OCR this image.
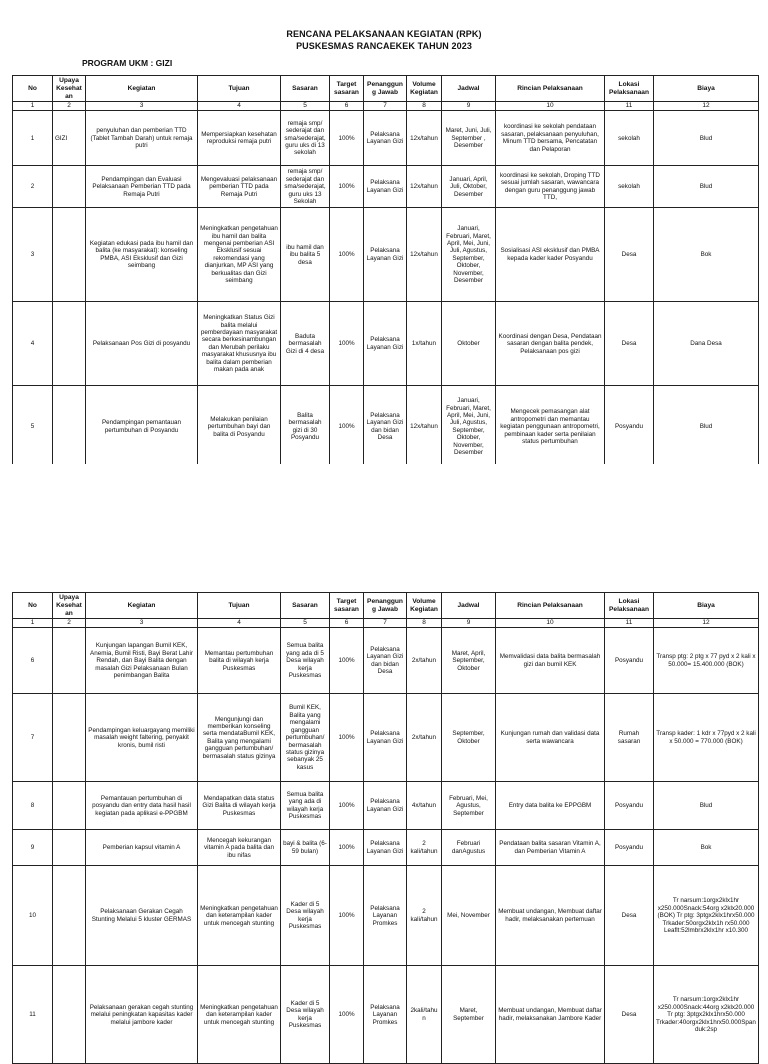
RENCANA PELAKSANAAN KEGIATAN (RPK)
PUSKESMAS RANCAEKEK TAHUN 2023
PROGRAM UKM : GIZI
No	Upaya Kesehatan	Kegiatan	Tujuan	Sasaran	Target sasaran	Penanggung Jawab	Volume Kegiatan	Jadwal	Rincian Pelaksanaan	Lokasi Pelaksanaan	Biaya
1	2	3	4	5	6	7	8	9	10	11	12
1	GIZI	penyuluhan dan pemberian TTD (Tablet Tambah Darah) untuk remaja putri	Mempersiapkan kesehatan reproduksi remaja putri	remaja smp/ sederajat dan sma/sederajat, guru uks di 13 sekolah	100%	Pelaksana Layanan Gizi	12x/tahun	Maret, Juni, Juli, September , Desember	koordinasi ke sekolah pendataan sasaran, pelaksanaan penyuluhan, Minum TTD bersama, Pencatatan dan Pelaporan	sekolah	Blud
2		Pendampingan dan Evaluasi Pelaksanaan Pemberian TTD pada Remaja Putri	Mengevaluasi pelaksanaan pemberian TTD pada Remaja Putri	remaja smp/ sederajat dan sma/sederajat, guru uks 13 Sekolah	100%	Pelaksana Layanan Gizi	12x/tahun	Januari, April, Juli, Oktober, Desember	koordinasi ke sekolah, Droping TTD sesuai jumlah sasaran, wawancara dengan guru penanggung jawab TTD,	sekolah	Blud
3		Kegiatan edukasi pada ibu hamil dan balita (ke masyarakat): konseling PMBA, ASI Eksklusif dan Gizi seimbang	Meningkatkan pengetahuan ibu hamil dan balita mengenai pemberian ASI Eksklusif sesuai rekomendasi yang dianjurkan, MP ASI yang berkualitas dan Gizi seimbang	ibu hamil dan ibu balita 5 desa	100%	Pelaksana Layanan Gizi	12x/tahun	Januari, Februari, Maret, April, Mei, Juni, Juli, Agustus, September, Oktober, November, Desember	Sosialisasi ASI eksklusif dan PMBA kepada kader kader Posyandu	Desa	Bok
4		Pelaksanaan Pos Gizi di posyandu	Meningkatkan Status Gizi balita melalui pemberdayaan masyarakat secara berkesinambungan dan Merubah perilaku masyarakat khususnya ibu balita dalam pemberian makan pada anak	Baduta bermasalah Gizi di 4 desa	100%	Pelaksana Layanan Gizi	1x/tahun	Oktober	Koordinasi dengan Desa, Pendataan sasaran dengan balita pendek, Pelaksanaan pos gizi	Desa	Dana Desa
5		Pendampingan pemantauan pertumbuhan di Posyandu	Melakukan penilaian pertumbuhan bayi dan balita di Posyandu	Balita bermasalah gizi di 30 Posyandu	100%	Pelaksana Layanan Gizi dan bidan Desa	12x/tahun	Januari, Februari, Maret, April, Mei, Juni, Juli, Agustus, September, Oktober, November, Desember	Mengecek pemasangan alat antropometri dan memantau kegiatan penggunaan antropometri, pembinaan kader serta penilaian status pertumbuhan	Posyandu	Blud
No	Upaya Kesehatan	Kegiatan	Tujuan	Sasaran	Target sasaran	Penanggung Jawab	Volume Kegiatan	Jadwal	Rincian Pelaksanaan	Lokasi Pelaksanaan	Biaya
1	2	3	4	5	6	7	8	9	10	11	12
6		Kunjungan lapangan Bumil KEK, Anemia, Bumil Risti, Bayi Berat Lahir Rendah, dan Bayi Balita dengan masalah Gizi Pelaksanaan Bulan penimbangan Balita	Memantau pertumbuhan balita di wilayah kerja Puskesmas	Semua balita yang ada di 5 Desa wilayah kerja Puskesmas	100%	Pelaksana Layanan Gizi dan bidan Desa	2x/tahun	Maret, April, September, Oktober	Memvalidasi data balita bermasalah gizi dan bumil KEK	Posyandu	Transp ptg: 2 ptg x 77 pyd x 2 kali x 50.000= 15.400.000 (BOK)
7		Pendampingan keluargayang memiliki masalah weight faltering, penyakit kronis, bumil risti	Mengunjungi dan memberikan konseling serta mendataBumil KEK, Balita yang mengalami gangguan pertumbuhan/ bermasalah status gizinya	Bumil KEK, Balita yang mengalami gangguan pertumbuhan/ bermasalah status gizinya sebanyak 25 kasus	100%	Pelaksana Layanan Gizi	2x/tahun	September, Oktober	Kunjungan rumah dan validasi data serta wawancara	Rumah sasaran	Transp kader: 1 kdr x 77pyd x 2 kali x 50.000 = 770.000 (BOK)
8		Pemantauan pertumbuhan di posyandu dan entry data hasil hasil kegiatan pada aplikasi e-PPGBM	Mendapatkan data status Gizi Balita di wilayah kerja Puskesmas	Semua balita yang ada di wilayah kerja Puskesmas	100%	Pelaksana Layanan Gizi	4x/tahun	Februari, Mei, Agustus, September	Entry data balita ke EPPGBM	Posyandu	Blud
9		Pemberian kapsul vitamin A	Mencegah kekurangan vitamin A pada balita dan ibu nifas	bayi & balita (6-59 bulan)	100%	Pelaksana Layanan Gizi	2 kali/tahun	Februari danAgustus	Pendataan balita sasaran Vitamin A, dan Pemberian Vitamin A	Posyandu	Bok
10		Pelaksanaan Gerakan Cegah Stunting Melalui 5 kluster GERMAS	Meningkatkan pengetahuan dan keterampilan kader untuk mencegah stunting	Kader di 5 Desa wilayah kerja Puskesmas	100%	Pelaksana Layanan Promkes	2 kali/tahun	Mei, November	Membuat undangan, Membuat daftar hadir, melaksanakan pertemuan	Desa	Tr narsum:1orgx2klx1hr x250.000Snack:54org x2klx20.000 (BOK) Tr ptg: 3ptgx2klx1hrx50.000 Trkader:50orgx2klx1h rx50.000 Leaflt:52lmbrx2klx1hr x10.300
11		Pelaksanaan gerakan cegah stunting melalui peningkatan kapasitas kader melalui jambore kader	Meningkatkan pengetahuan dan keterampilan kader untuk mencegah stunting	Kader di 5 Desa wilayah kerja Puskesmas	100%	Pelaksana Layanan Promkes	2kali/tahun	Maret, September	Membuat undangan, Membuat daftar hadir, melaksanakan Jambore Kader	Desa	Tr narsum:1orgx2klx1hr x250.000Snack:44org x2klx20.000 Tr ptg: 3ptgx2klx1hrx50.000 Trkader:40orgx2klx1hrx50.000Spanduk:2sp
